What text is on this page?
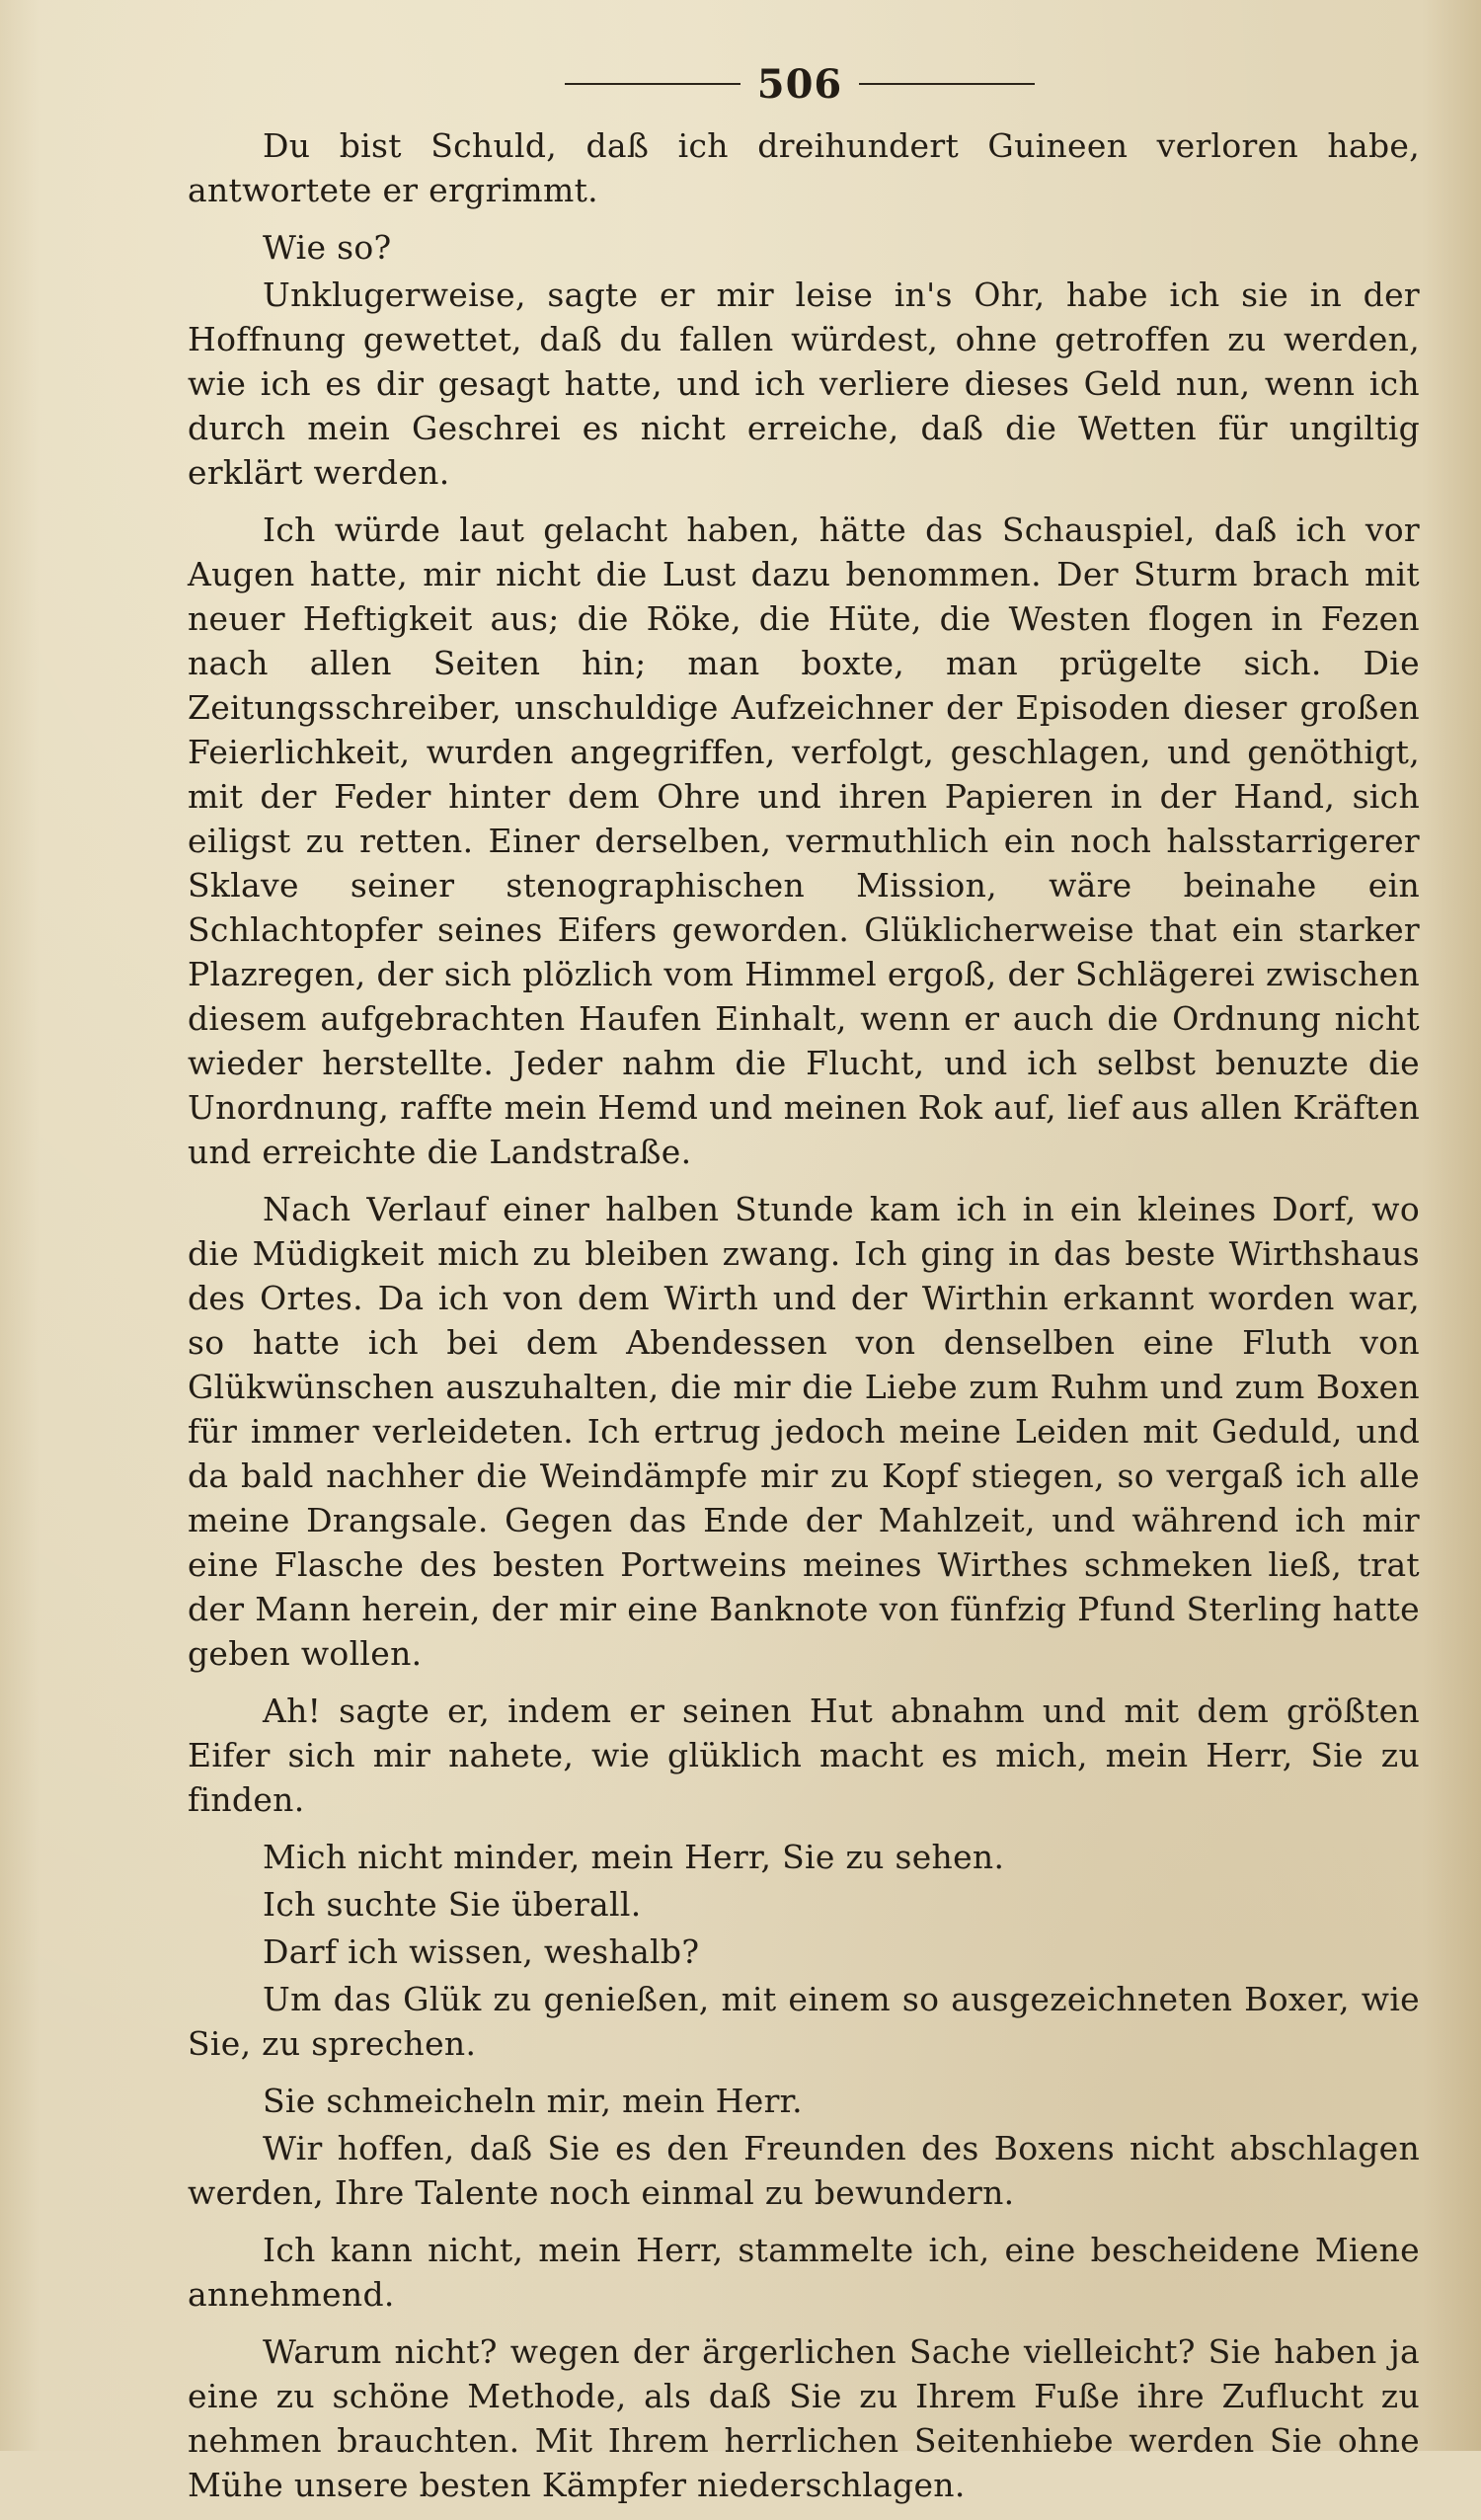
506

Du bist Schuld, daß ich dreihundert Guineen verloren habe, antwortete er ergrimmt.

Wie so?

Unklugerweise, sagte er mir leise in's Ohr, habe ich sie in der Hoffnung gewettet, daß du fallen würdest, ohne getroffen zu werden, wie ich es dir gesagt hatte, und ich verliere dieses Geld nun, wenn ich durch mein Geschrei es nicht erreiche, daß die Wetten für ungiltig erklärt werden.

Ich würde laut gelacht haben, hätte das Schauspiel, daß ich vor Augen hatte, mir nicht die Lust dazu benommen. Der Sturm brach mit neuer Heftigkeit aus; die Röke, die Hüte, die Westen flogen in Fezen nach allen Seiten hin; man boxte, man prügelte sich. Die Zeitungsschreiber, unschuldige Aufzeichner der Episoden dieser großen Feierlichkeit, wurden angegriffen, verfolgt, geschlagen, und genöthigt, mit der Feder hinter dem Ohre und ihren Papieren in der Hand, sich eiligst zu retten. Einer derselben, vermuthlich ein noch halsstarrigerer Sklave seiner stenographischen Mission, wäre beinahe ein Schlachtopfer seines Eifers geworden. Glüklicherweise that ein starker Plazregen, der sich plözlich vom Himmel ergoß, der Schlägerei zwischen diesem aufgebrachten Haufen Einhalt, wenn er auch die Ordnung nicht wieder herstellte. Jeder nahm die Flucht, und ich selbst benuzte die Unordnung, raffte mein Hemd und meinen Rok auf, lief aus allen Kräften und erreichte die Landstraße.

Nach Verlauf einer halben Stunde kam ich in ein kleines Dorf, wo die Müdigkeit mich zu bleiben zwang. Ich ging in das beste Wirthshaus des Ortes. Da ich von dem Wirth und der Wirthin erkannt worden war, so hatte ich bei dem Abendessen von denselben eine Fluth von Glükwünschen auszuhalten, die mir die Liebe zum Ruhm und zum Boxen für immer verleideten. Ich ertrug jedoch meine Leiden mit Geduld, und da bald nachher die Weindämpfe mir zu Kopf stiegen, so vergaß ich alle meine Drangsale. Gegen das Ende der Mahlzeit, und während ich mir eine Flasche des besten Portweins meines Wirthes schmeken ließ, trat der Mann herein, der mir eine Banknote von fünfzig Pfund Sterling hatte geben wollen.

Ah! sagte er, indem er seinen Hut abnahm und mit dem größten Eifer sich mir nahete, wie glüklich macht es mich, mein Herr, Sie zu finden.

Mich nicht minder, mein Herr, Sie zu sehen.

Ich suchte Sie überall.

Darf ich wissen, weshalb?

Um das Glük zu genießen, mit einem so ausgezeichneten Boxer, wie Sie, zu sprechen.

Sie schmeicheln mir, mein Herr.

Wir hoffen, daß Sie es den Freunden des Boxens nicht abschlagen werden, Ihre Talente noch einmal zu bewundern.

Ich kann nicht, mein Herr, stammelte ich, eine bescheidene Miene annehmend.

Warum nicht? wegen der ärgerlichen Sache vielleicht? Sie haben ja eine zu schöne Methode, als daß Sie zu Ihrem Fuße ihre Zuflucht zu nehmen brauchten. Mit Ihrem herrlichen Seitenhiebe werden Sie ohne Mühe unsere besten Kämpfer niederschlagen.
